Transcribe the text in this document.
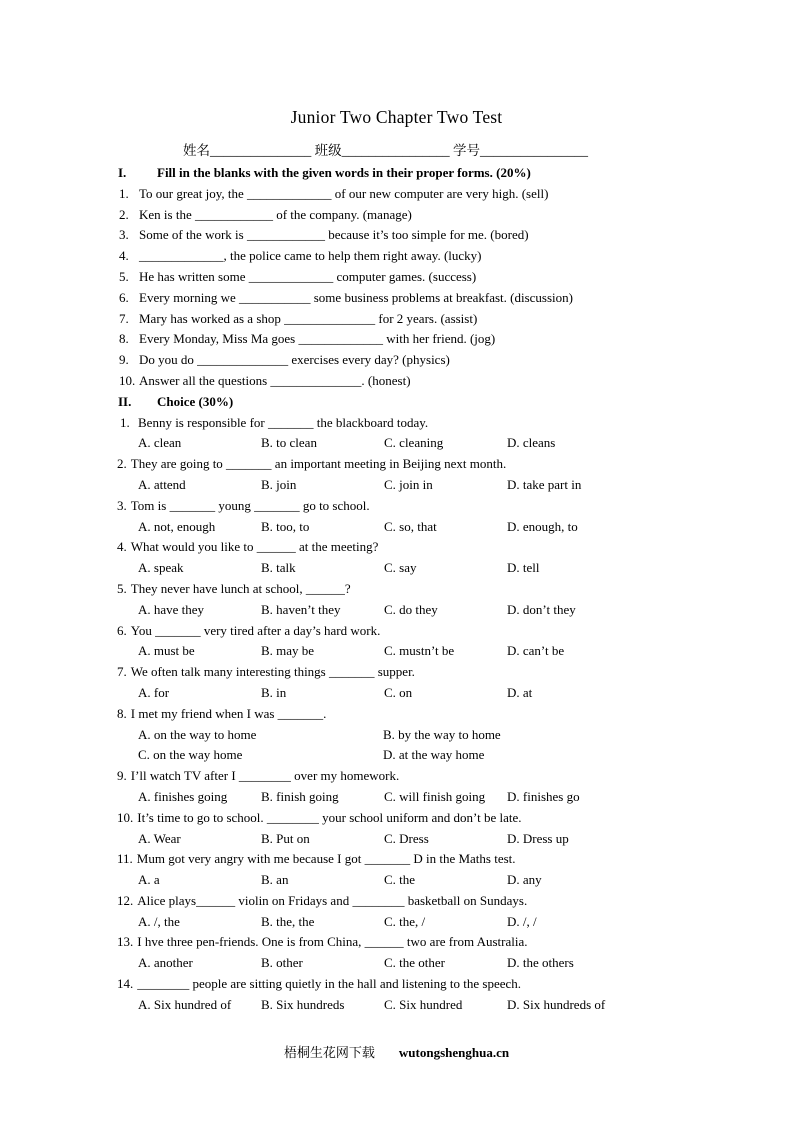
Junior Two Chapter Two Test
姓名_______________ 班级________________ 学号________________
I. Fill in the blanks with the given words in their proper forms. (20%)
1. To our great joy, the _____________ of our new computer are very high. (sell)
2. Ken is the ____________ of the company. (manage)
3. Some of the work is ____________ because it’s too simple for me. (bored)
4. _____________, the police came to help them right away. (lucky)
5. He has written some _____________ computer games. (success)
6. Every morning we ___________ some business problems at breakfast. (discussion)
7. Mary has worked as a shop ______________ for 2 years. (assist)
8. Every Monday, Miss Ma goes _____________ with her friend. (jog)
9. Do you do ______________ exercises every day? (physics)
10. Answer all the questions ______________. (honest)
II. Choice (30%)
1. Benny is responsible for _______ the blackboard today.
A. clean	B. to clean	C. cleaning	D. cleans
2. They are going to _______ an important meeting in Beijing next month.
A. attend	B. join	C. join in	D. take part in
3. Tom is _______ young _______ go to school.
A. not, enough	B. too, to	C. so, that	D. enough, to
4. What would you like to ______ at the meeting?
A. speak	B. talk	C. say	D. tell
5. They never have lunch at school, ______?
A. have they	B. haven’t they	C. do they	D. don’t they
6. You _______ very tired after a day’s hard work.
A. must be	B. may be	C. mustn’t be	D. can’t be
7. We often talk many interesting things _______ supper.
A. for	B. in	C. on	D. at
8. I met my friend when I was _______.
A. on the way to home	B. by the way to home
C. on the way home	D. at the way home
9. I’ll watch TV after I ________ over my homework.
A. finishes going	B. finish going	C. will finish going D. finishes go
10. It’s time to go to school. ________ your school uniform and don’t be late.
A. Wear	B. Put on	C. Dress	D. Dress up
11. Mum got very angry with me because I got _______ D in the Maths test.
A. a	B. an	C. the	D. any
12. Alice plays______ violin on Fridays and ________ basketball on Sundays.
A. /, the	B. the, the	C. the, /	D. /, /
13. I hve three pen-friends. One is from China, ______ two are from Australia.
A. another	B. other	C. the other	D. the others
14. ________ people are sitting quietly in the hall and listening to the speech.
A. Six hundred of B. Six hundreds	C. Six hundred	D. Six hundreds of
梧桐生花网下载 wutongshenghua.cn
